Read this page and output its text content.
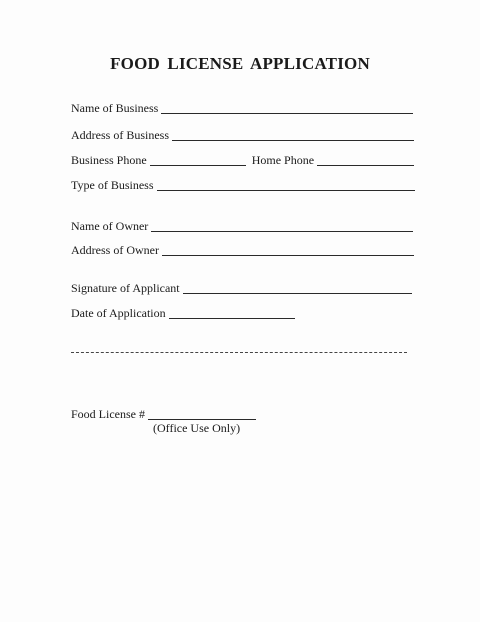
FOOD LICENSE APPLICATION
Name of Business
Address of Business
Business Phone	Home Phone
Type of Business
Name of Owner
Address of Owner
Signature of Applicant
Date of Application
Food License #
(Office Use Only)
